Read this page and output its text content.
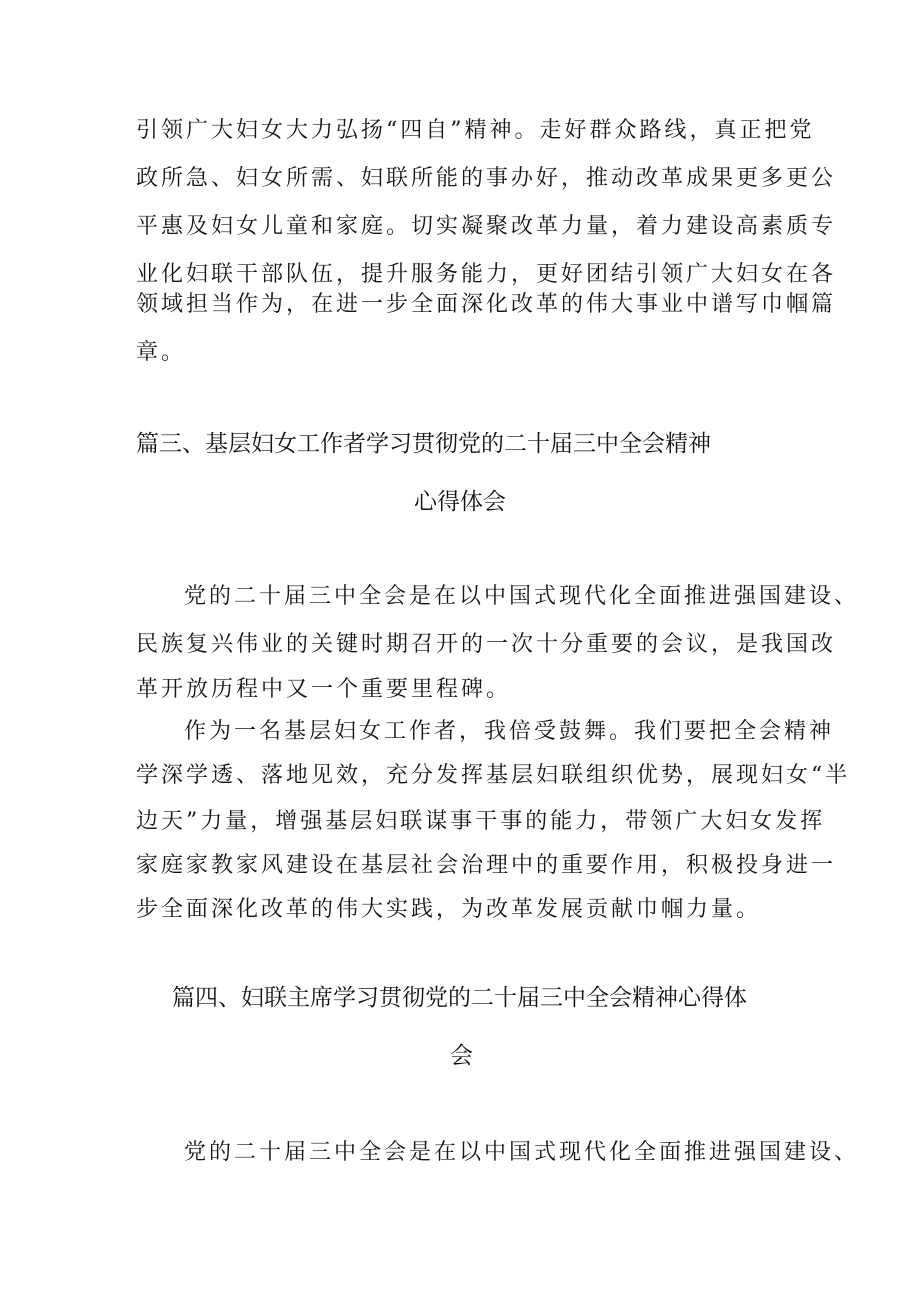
引领广大妇女大力弘扬“四自”精神。走好群众路线，真正把党
政所急、妇女所需、妇联所能的事办好，推动改革成果更多更公
平惠及妇女儿童和家庭。切实凝聚改革力量，着力建设高素质专
业化妇联干部队伍，提升服务能力，更好团结引领广大妇女在各
领域担当作为，在进一步全面深化改革的伟大事业中谱写巾帼篇
章。
篇三、基层妇女工作者学习贯彻党的二十届三中全会精神
心得体会
党的二十届三中全会是在以中国式现代化全面推进强国建设、
民族复兴伟业的关键时期召开的一次十分重要的会议，是我国改
革开放历程中又一个重要里程碑。
作为一名基层妇女工作者，我倍受鼓舞。我们要把全会精神
学深学透、落地见效，充分发挥基层妇联组织优势，展现妇女“半
边天”力量，增强基层妇联谋事干事的能力，带领广大妇女发挥
家庭家教家风建设在基层社会治理中的重要作用，积极投身进一
步全面深化改革的伟大实践，为改革发展贡献巾帼力量。
篇四、妇联主席学习贯彻党的二十届三中全会精神心得体
会
党的二十届三中全会是在以中国式现代化全面推进强国建设、
